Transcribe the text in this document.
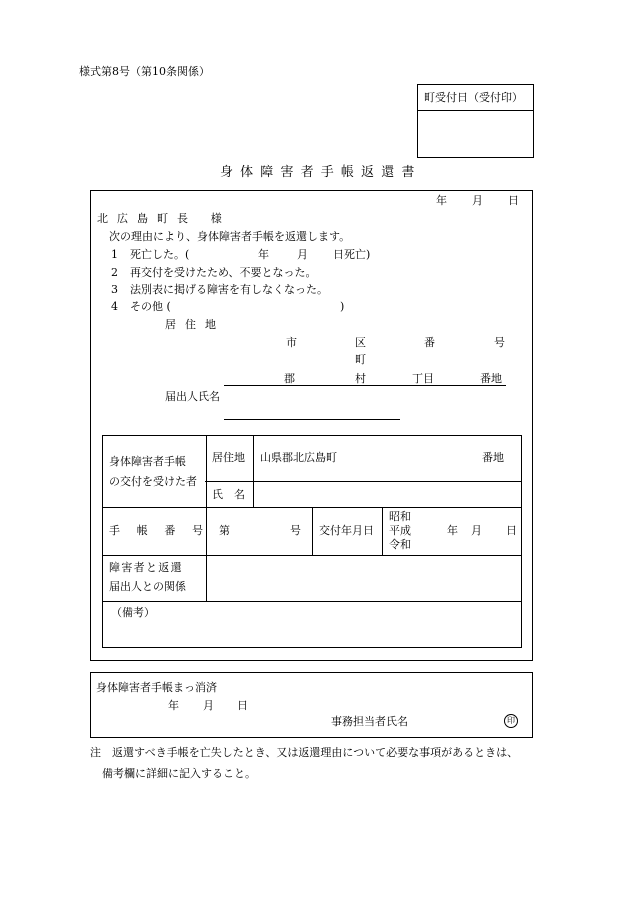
様式第8号（第10条関係）
町受付日（受付印）
身体障害者手帳返還書
年 月 日
北 広 島 町 長　 様
次の理由により、身体障害者手帳を返還します。
1 死亡した。(	年	月 日死亡)
2 再交付を受けたため、不要となった。
3 法別表に掲げる障害を有しなくなった。
4 その他 (	)
居 住 地
市	区	番	号
町
郡	村	丁目	番地
届出人氏名
身体障害者手帳
の交付を受けた者
居住地 山県郡北広島町	番地
氏　名
手 帳 番 号 第	号 交付年月日
昭和
平成
令和
年 月 日
障害者と返還
届出人との関係
（備考）
身体障害者手帳まっ消済
年 月 日
事務担当者氏名	印
注　返還すべき手帳を亡失したとき、又は返還理由について必要な事項があるときは、
備考欄に詳細に記入すること。
